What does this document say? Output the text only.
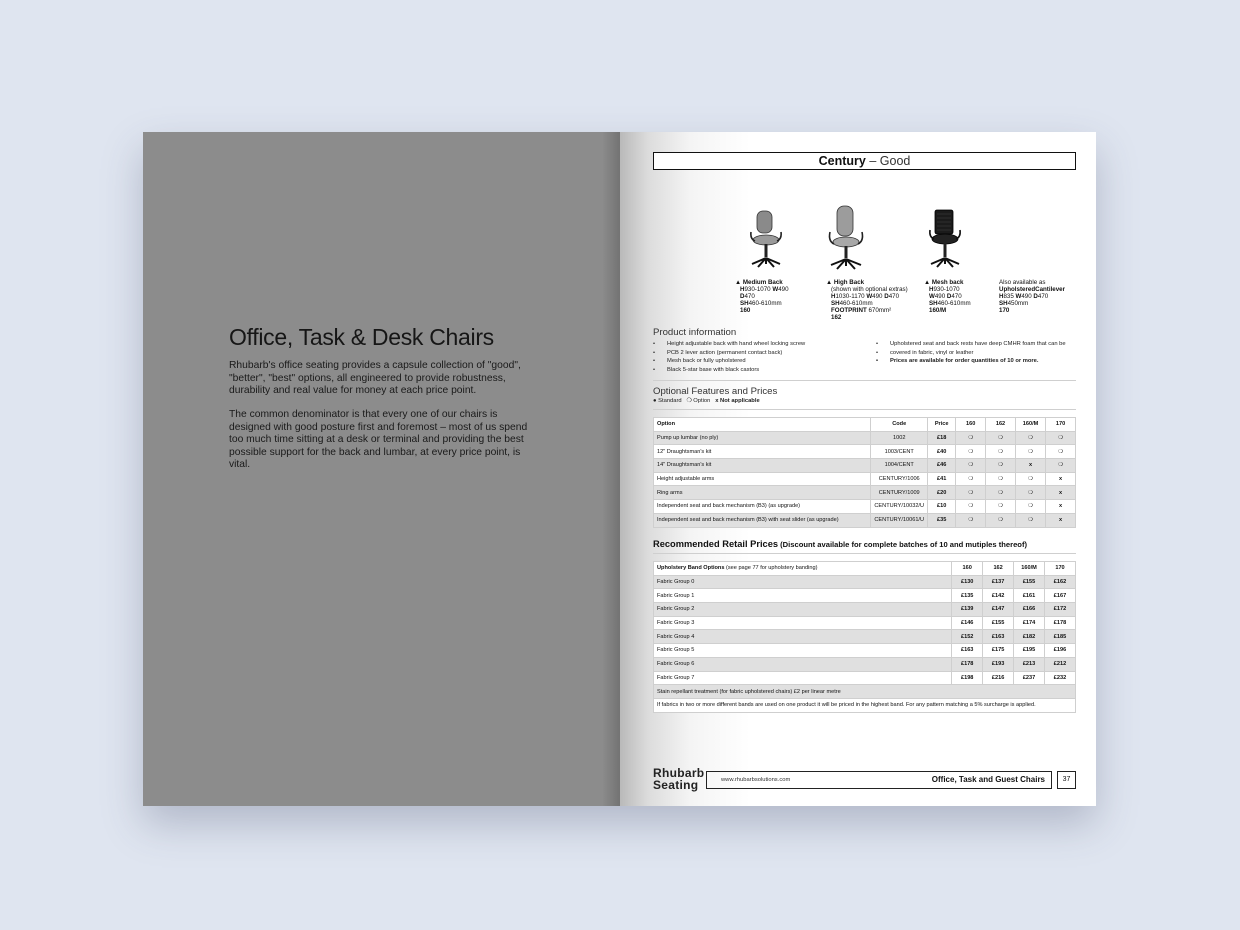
Office, Task & Desk Chairs

Rhubarb's office seating provides a capsule collection of "good", "better", "best" options, all engineered to provide robustness, durability and real value for money at each price point.

The common denominator is that every one of our chairs is designed with good posture first and foremost – most of us spend too much time sitting at a desk or terminal and providing the best possible support for the back and lumbar, at every price point, is vital.

Century – Good
▲ Medium Back
H930-1070 W490
D470
SH460-610mm
160
▲ High Back
(shown with optional extras)
H1030-1170 W490 D470
SH460-610mm
FOOTPRINT 670mm²
162
▲ Mesh back
H930-1070
W490 D470
SH460-610mm
160/M
Also available as
UpholsteredCantilever
H835 W490 D470
SH450mm
170
Product information
• Height adjustable back with hand wheel locking screw
• PCB 2 lever action (permanent contact back)
• Mesh back or fully upholstered
• Black 5-star base with black castors
• Upholstered seat and back rests have deep CMHR foam that can be
• covered in fabric, vinyl or leather
• Prices are available for order quantities of 10 or more.
Optional Features and Prices
● Standard ❍ Option x Not applicable
Option	Code	Price	160	162	160/M	170
Pump up lumbar (no ply)	1002	£18	❍	❍	❍	❍
12" Draughtsman's kit	1003/CENT	£40	❍	❍	❍	❍
14" Draughtsman's kit	1004/CENT	£46	❍	❍	x	❍
Height adjustable arms	CENTURY/1006	£41	❍	❍	❍	x
Ring arms	CENTURY/1009	£20	❍	❍	❍	x
Independent seat and back mechanism (B3) (as upgrade)	CENTURY/10032/U	£10	❍	❍	❍	x
Independent seat and back mechanism (B3) with seat slider (as upgrade)	CENTURY/10061/U	£35	❍	❍	❍	x
Recommended Retail Prices (Discount available for complete batches of 10 and mutiples thereof)
Upholstery Band Options (see page 77 for upholstery banding)	160	162	160/M	170
Fabric Group 0	£130	£137	£155	£162
Fabric Group 1	£135	£142	£161	£167
Fabric Group 2	£139	£147	£166	£172
Fabric Group 3	£146	£155	£174	£178
Fabric Group 4	£152	£163	£182	£185
Fabric Group 5	£163	£175	£195	£196
Fabric Group 6	£178	£193	£213	£212
Fabric Group 7	£198	£216	£237	£232
Stain repellant treatment (for fabric upholstered chairs) £2 per linear metre				
If fabrics in two or more different bands are used on one product it will be priced in the highest band. For any pattern matching a 5% surcharge is applied.				
Rhubarb
Seating	www.rhubarbsolutions.com	Office, Task and Guest Chairs	37
